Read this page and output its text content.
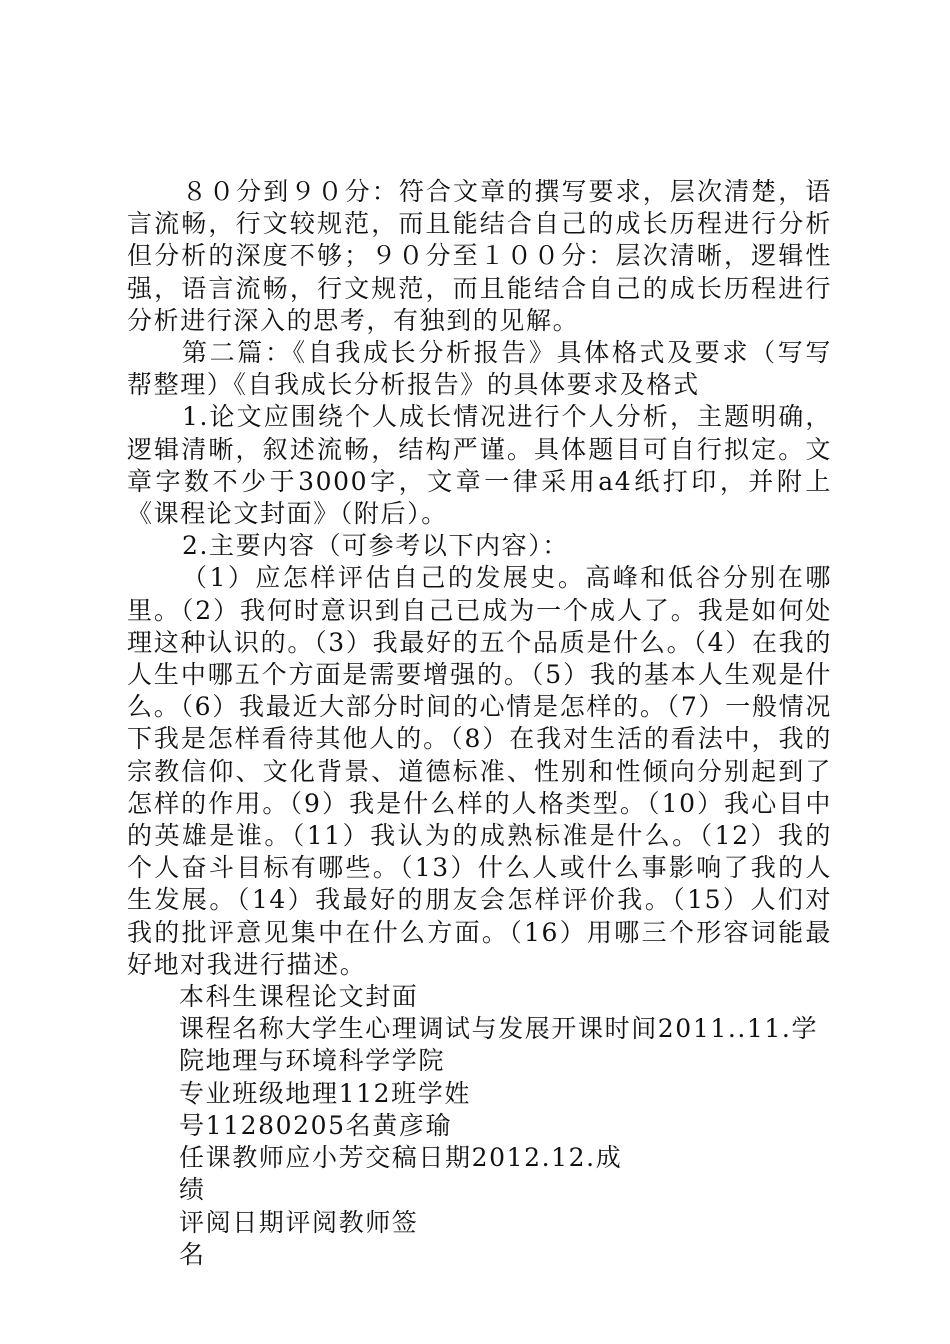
８０分到９０分：符合文章的撰写要求，层次清楚，语言流畅，行文较规范，而且能结合自己的成长历程进行分析但分析的深度不够；９０分至１００分：层次清晰，逻辑性强，语言流畅，行文规范，而且能结合自己的成长历程进行分析进行深入的思考，有独到的见解。

第二篇：《自我成长分析报告》具体格式及要求（写写帮整理）《自我成长分析报告》的具体要求及格式

1.论文应围绕个人成长情况进行个人分析，主题明确，逻辑清晰，叙述流畅，结构严谨。具体题目可自行拟定。文章字数不少于3000字，文章一律采用a4纸打印，并附上《课程论文封面》（附后）。

2.主要内容（可参考以下内容）：

（1）应怎样评估自己的发展史。高峰和低谷分别在哪里。（2）我何时意识到自己已成为一个成人了。我是如何处理这种认识的。（3）我最好的五个品质是什么。（4）在我的人生中哪五个方面是需要增强的。（5）我的基本人生观是什么。（6）我最近大部分时间的心情是怎样的。（7）一般情况下我是怎样看待其他人的。（8）在我对生活的看法中，我的宗教信仰、文化背景、道德标准、性别和性倾向分别起到了怎样的作用。（9）我是什么样的人格类型。（10）我心目中的英雄是谁。（11）我认为的成熟标准是什么。（12）我的个人奋斗目标有哪些。（13）什么人或什么事影响了我的人生发展。（14）我最好的朋友会怎样评价我。（15）人们对我的批评意见集中在什么方面。（16）用哪三个形容词能最好地对我进行描述。

本科生课程论文封面

课程名称大学生心理调试与发展开课时间2011..11.学

院地理与环境科学学院

专业班级地理112班学姓

号11280205名黄彦瑜

任课教师应小芳交稿日期2012.12.成

绩

评阅日期评阅教师签

名
